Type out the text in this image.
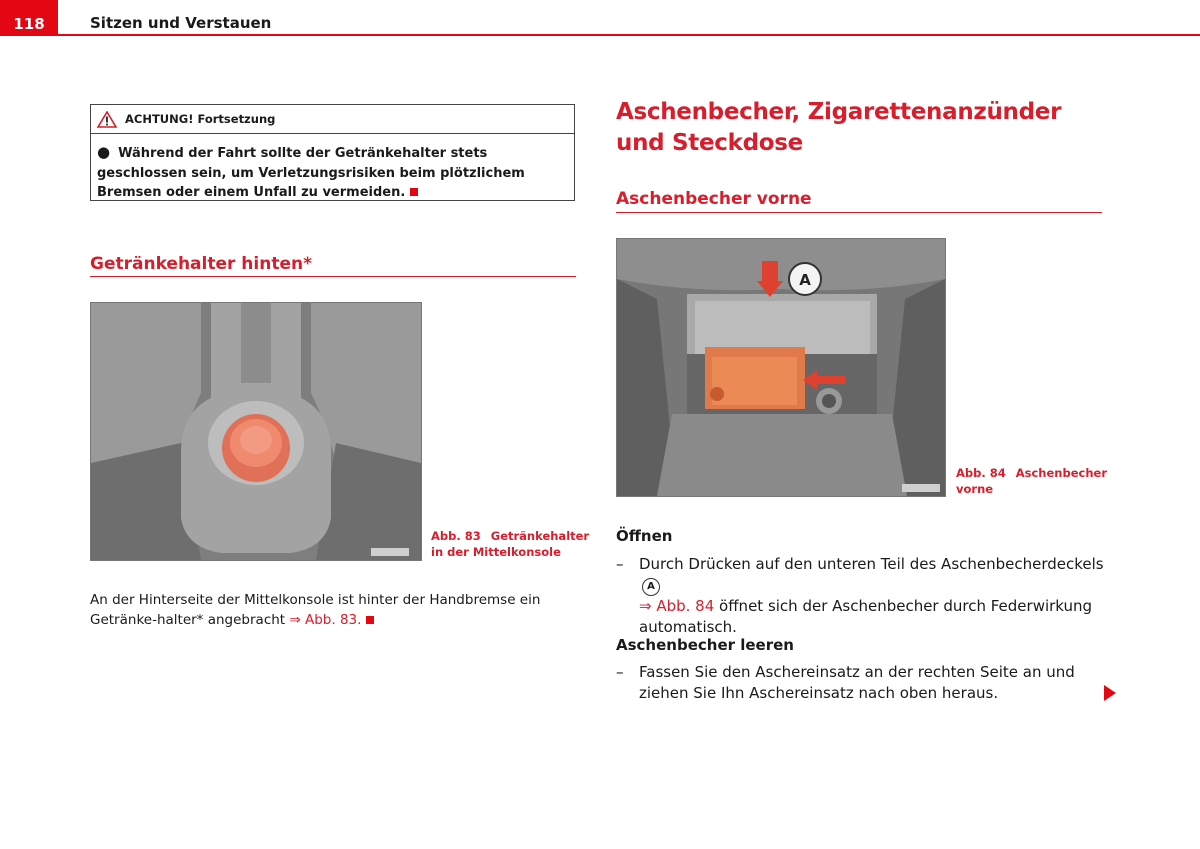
118	Sitzen und Verstauen
ACHTUNG! Fortsetzung
● Während der Fahrt sollte der Getränkehalter stets geschlossen sein, um Verletzungsrisiken beim plötzlichem Bremsen oder einem Unfall zu vermeiden.
Getränkehalter hinten*
Abb. 83 Getränkehalter
in der Mittelkonsole
An der Hinterseite der Mittelkonsole ist hinter der Handbremse ein Getränke-halter* angebracht ⇒ Abb. 83.
Aschenbecher, Zigarettenanzünder und Steckdose
Aschenbecher vorne
A
Abb. 84 Aschenbecher
vorne
Öffnen
– Durch Drücken auf den unteren Teil des Aschenbecherdeckels A
⇒ Abb. 84 öffnet sich der Aschenbecher durch Federwirkung automatisch.
Aschenbecher leeren
– Fassen Sie den Aschereinsatz an der rechten Seite an und ziehen Sie Ihn Aschereinsatz nach oben heraus.
